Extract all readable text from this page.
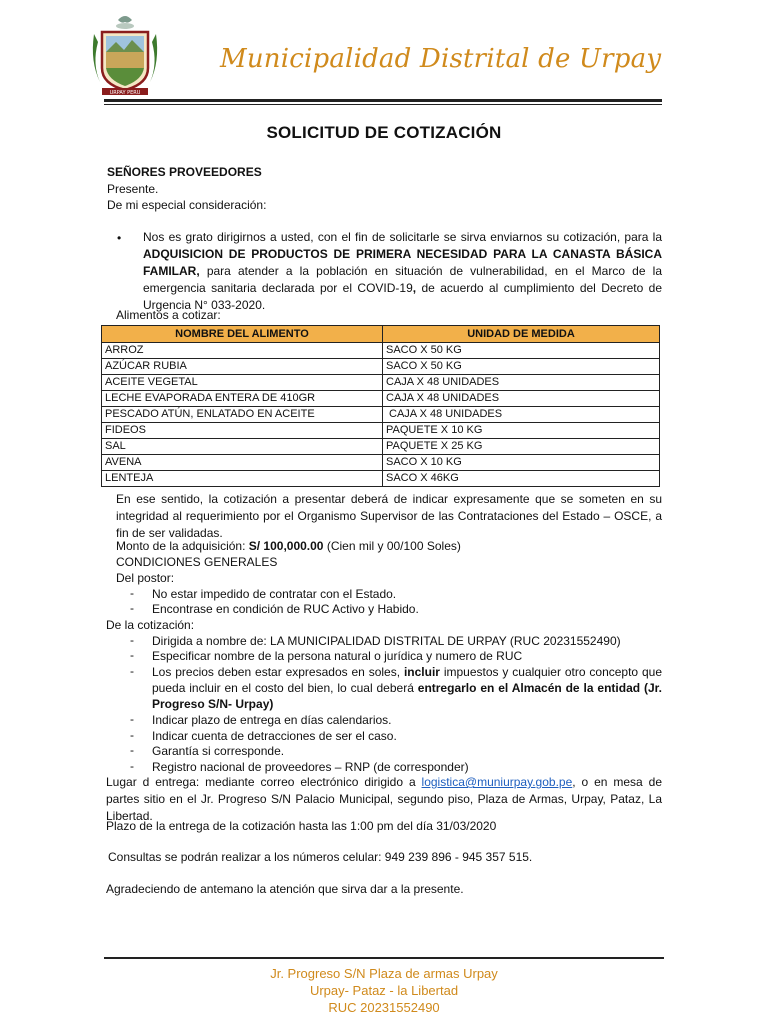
URPAY PERU
Municipalidad Distrital de Urpay
SOLICITUD DE COTIZACIÓN
SEÑORES PROVEEDORES
Presente.
De mi especial consideración:
• Nos es grato dirigirnos a usted, con el fin de solicitarle se sirva enviarnos su cotización, para la ADQUISICION DE PRODUCTOS DE PRIMERA NECESIDAD PARA LA CANASTA BÁSICA FAMILAR, para atender a la población en situación de vulnerabilidad, en el Marco de la emergencia sanitaria declarada por el COVID-19, de acuerdo al cumplimiento del Decreto de Urgencia N° 033-2020.
Alimentos a cotizar:
NOMBRE DEL ALIMENTO	UNIDAD DE MEDIDA
ARROZ	SACO X 50 KG
AZÚCAR RUBIA	SACO X 50 KG
ACEITE VEGETAL	CAJA X 48 UNIDADES
LECHE EVAPORADA ENTERA DE 410GR	CAJA X 48 UNIDADES
PESCADO ATÚN, ENLATADO EN ACEITE	CAJA X 48 UNIDADES
FIDEOS	PAQUETE X 10 KG
SAL	PAQUETE X 25 KG
AVENA	SACO X 10 KG
LENTEJA	SACO X 46KG
En ese sentido, la cotización a presentar deberá de indicar expresamente que se someten en su integridad al requerimiento por el Organismo Supervisor de las Contrataciones del Estado – OSCE, a fin de ser validadas.
Monto de la adquisición: S/ 100,000.00 (Cien mil y 00/100 Soles)
CONDICIONES GENERALES
Del postor:
- No estar impedido de contratar con el Estado.
- Encontrase en condición de RUC Activo y Habido.
De la cotización:
- Dirigida a nombre de: LA MUNICIPALIDAD DISTRITAL DE URPAY (RUC 20231552490)
- Especificar nombre de la persona natural o jurídica y numero de RUC
- Los precios deben estar expresados en soles, incluir impuestos y cualquier otro concepto que pueda incluir en el costo del bien, lo cual deberá entregarlo en el Almacén de la entidad (Jr. Progreso S/N- Urpay)
- Indicar plazo de entrega en días calendarios.
- Indicar cuenta de detracciones de ser el caso.
- Garantía si corresponde.
- Registro nacional de proveedores – RNP (de corresponder)
Lugar d entrega: mediante correo electrónico dirigido a logistica@muniurpay.gob.pe, o en mesa de partes sitio en el Jr. Progreso S/N Palacio Municipal, segundo piso, Plaza de Armas, Urpay, Pataz, La Libertad.
Plazo de la entrega de la cotización hasta las 1:00 pm del día 31/03/2020
Consultas se podrán realizar a los números celular: 949 239 896 - 945 357 515.
Agradeciendo de antemano la atención que sirva dar a la presente.
Jr. Progreso S/N Plaza de armas Urpay
Urpay- Pataz - la Libertad
RUC 20231552490
